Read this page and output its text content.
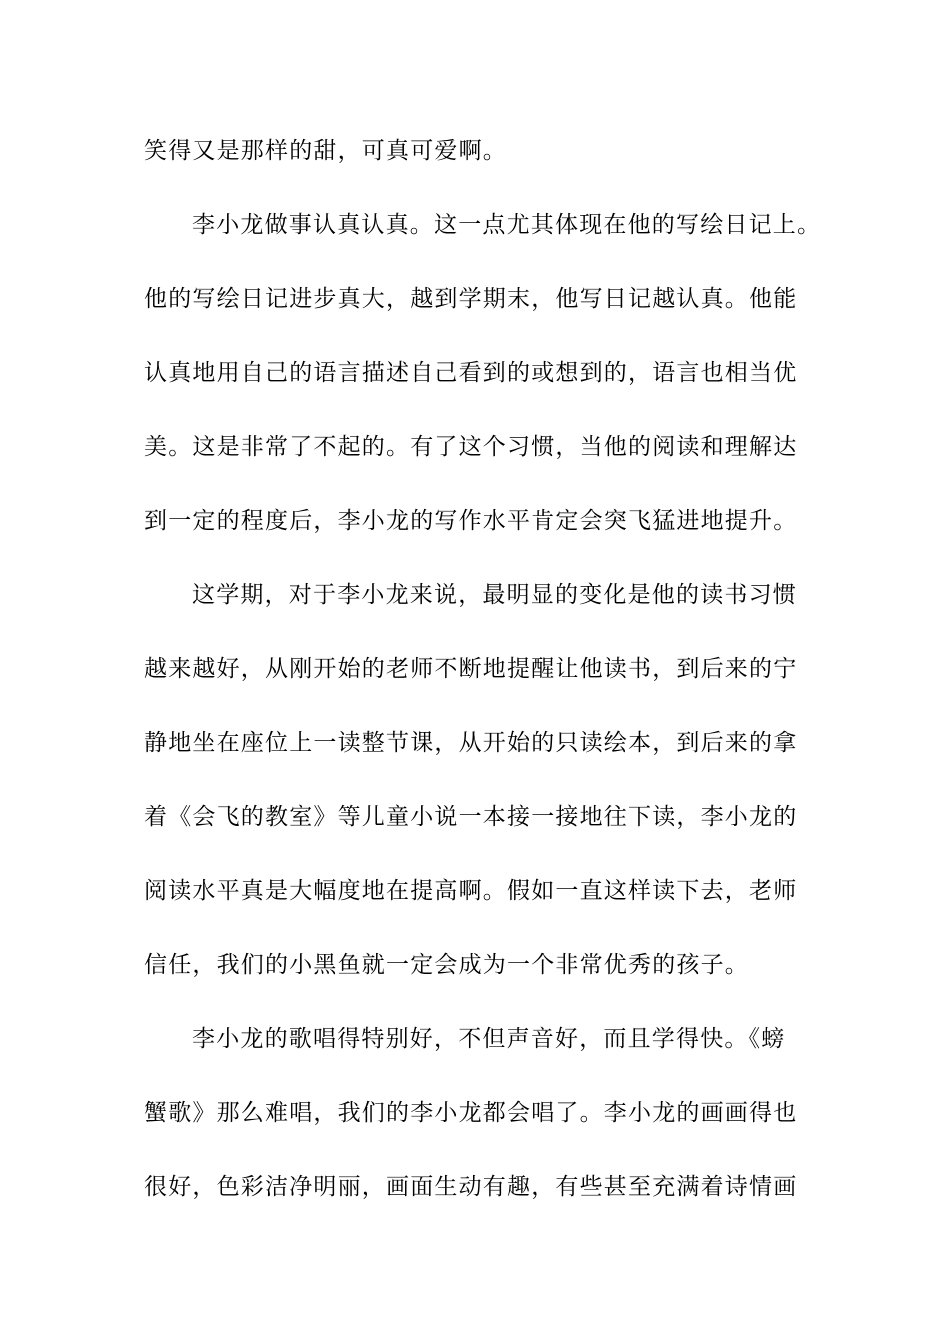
笑得又是那样的甜，可真可爱啊。
李小龙做事认真认真。这一点尤其体现在他的写绘日记上。
他的写绘日记进步真大，越到学期末，他写日记越认真。他能
认真地用自己的语言描述自己看到的或想到的，语言也相当优
美。这是非常了不起的。有了这个习惯，当他的阅读和理解达
到一定的程度后，李小龙的写作水平肯定会突飞猛进地提升。
这学期，对于李小龙来说，最明显的变化是他的读书习惯
越来越好，从刚开始的老师不断地提醒让他读书，到后来的宁
静地坐在座位上一读整节课，从开始的只读绘本，到后来的拿
着《会飞的教室》等儿童小说一本接一接地往下读，李小龙的
阅读水平真是大幅度地在提高啊。假如一直这样读下去，老师
信任，我们的小黑鱼就一定会成为一个非常优秀的孩子。
李小龙的歌唱得特别好，不但声音好，而且学得快。《螃
蟹歌》那么难唱，我们的李小龙都会唱了。李小龙的画画得也
很好，色彩洁净明丽，画面生动有趣，有些甚至充满着诗情画
